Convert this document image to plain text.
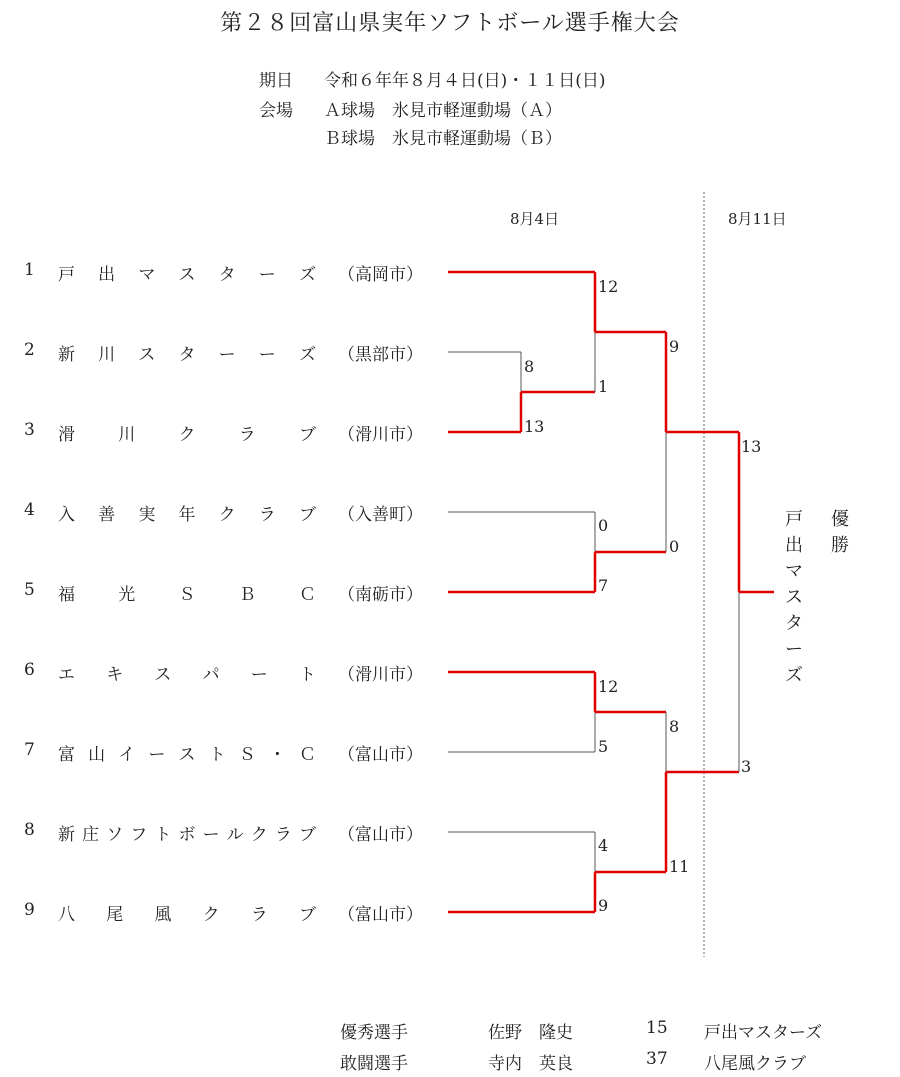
第２８回富山県実年ソフトボール選手権大会
期日 令和６年年８月４日(日)・１１日(日)
会場 Ａ球場　氷見市軽運動場（Ａ）
Ｂ球場　氷見市軽運動場（Ｂ）
8月4日	8月11日
1 戸 出 マ ス タ ー ズ （高岡市）
2 新 川 ス タ ー ー ズ （黒部市）
3 滑	川	ク	ラ	ブ （滑川市）
4 入 善 実 年 ク ラ ブ （入善町）
5 福	光	Ｓ	Ｂ	Ｃ （南砺市）
6 エ キ ス パ ー ト （滑川市）
7 富 山 イ ー ス ト Ｓ ・ Ｃ （富山市）
8 新 庄 ソ フ ト ボ ー ル ク ラ ブ （富山市）
9 八 尾 風 ク ラ ブ （富山市）
12
8
1
13
9
13
0
0
7
12
8
5
3
4
11
9
戸出マスターズ
優勝
優秀選手	佐野　隆史	15 戸出マスターズ
敢闘選手	寺内　英良	37 八尾風クラブ
